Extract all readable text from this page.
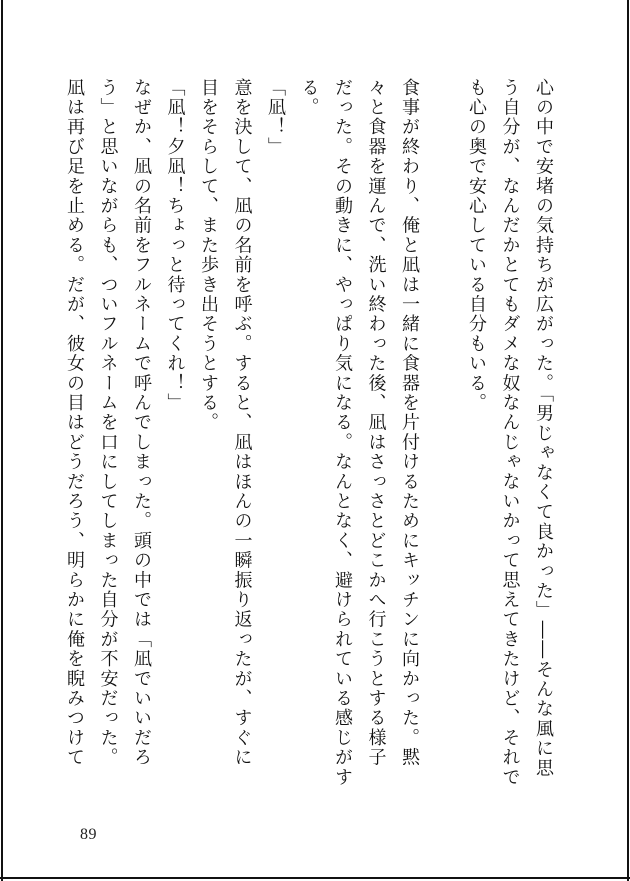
心の中で安堵の気持ちが広がった。「男じゃなくて良かった」――そんな風に思
う自分が、なんだかとてもダメな奴なんじゃないかって思えてきたけど、それで
も心の奥で安心している自分もいる。
食事が終わり、俺と凪は一緒に食器を片付けるためにキッチンに向かった。黙
々と食器を運んで、洗い終わった後、凪はさっさとどこかへ行こうとする様子
だった。その動きに、やっぱり気になる。なんとなく、避けられている感じがす
る。
「凪！」
意を決して、凪の名前を呼ぶ。すると、凪はほんの一瞬振り返ったが、すぐに
目をそらして、また歩き出そうとする。
「凪！夕凪！ちょっと待ってくれ！」
なぜか、凪の名前をフルネームで呼んでしまった。頭の中では「凪でいいだろ
う」と思いながらも、ついフルネームを口にしてしまった自分が不安だった。
凪は再び足を止める。だが、彼女の目はどうだろう、明らかに俺を睨みつけて
89
